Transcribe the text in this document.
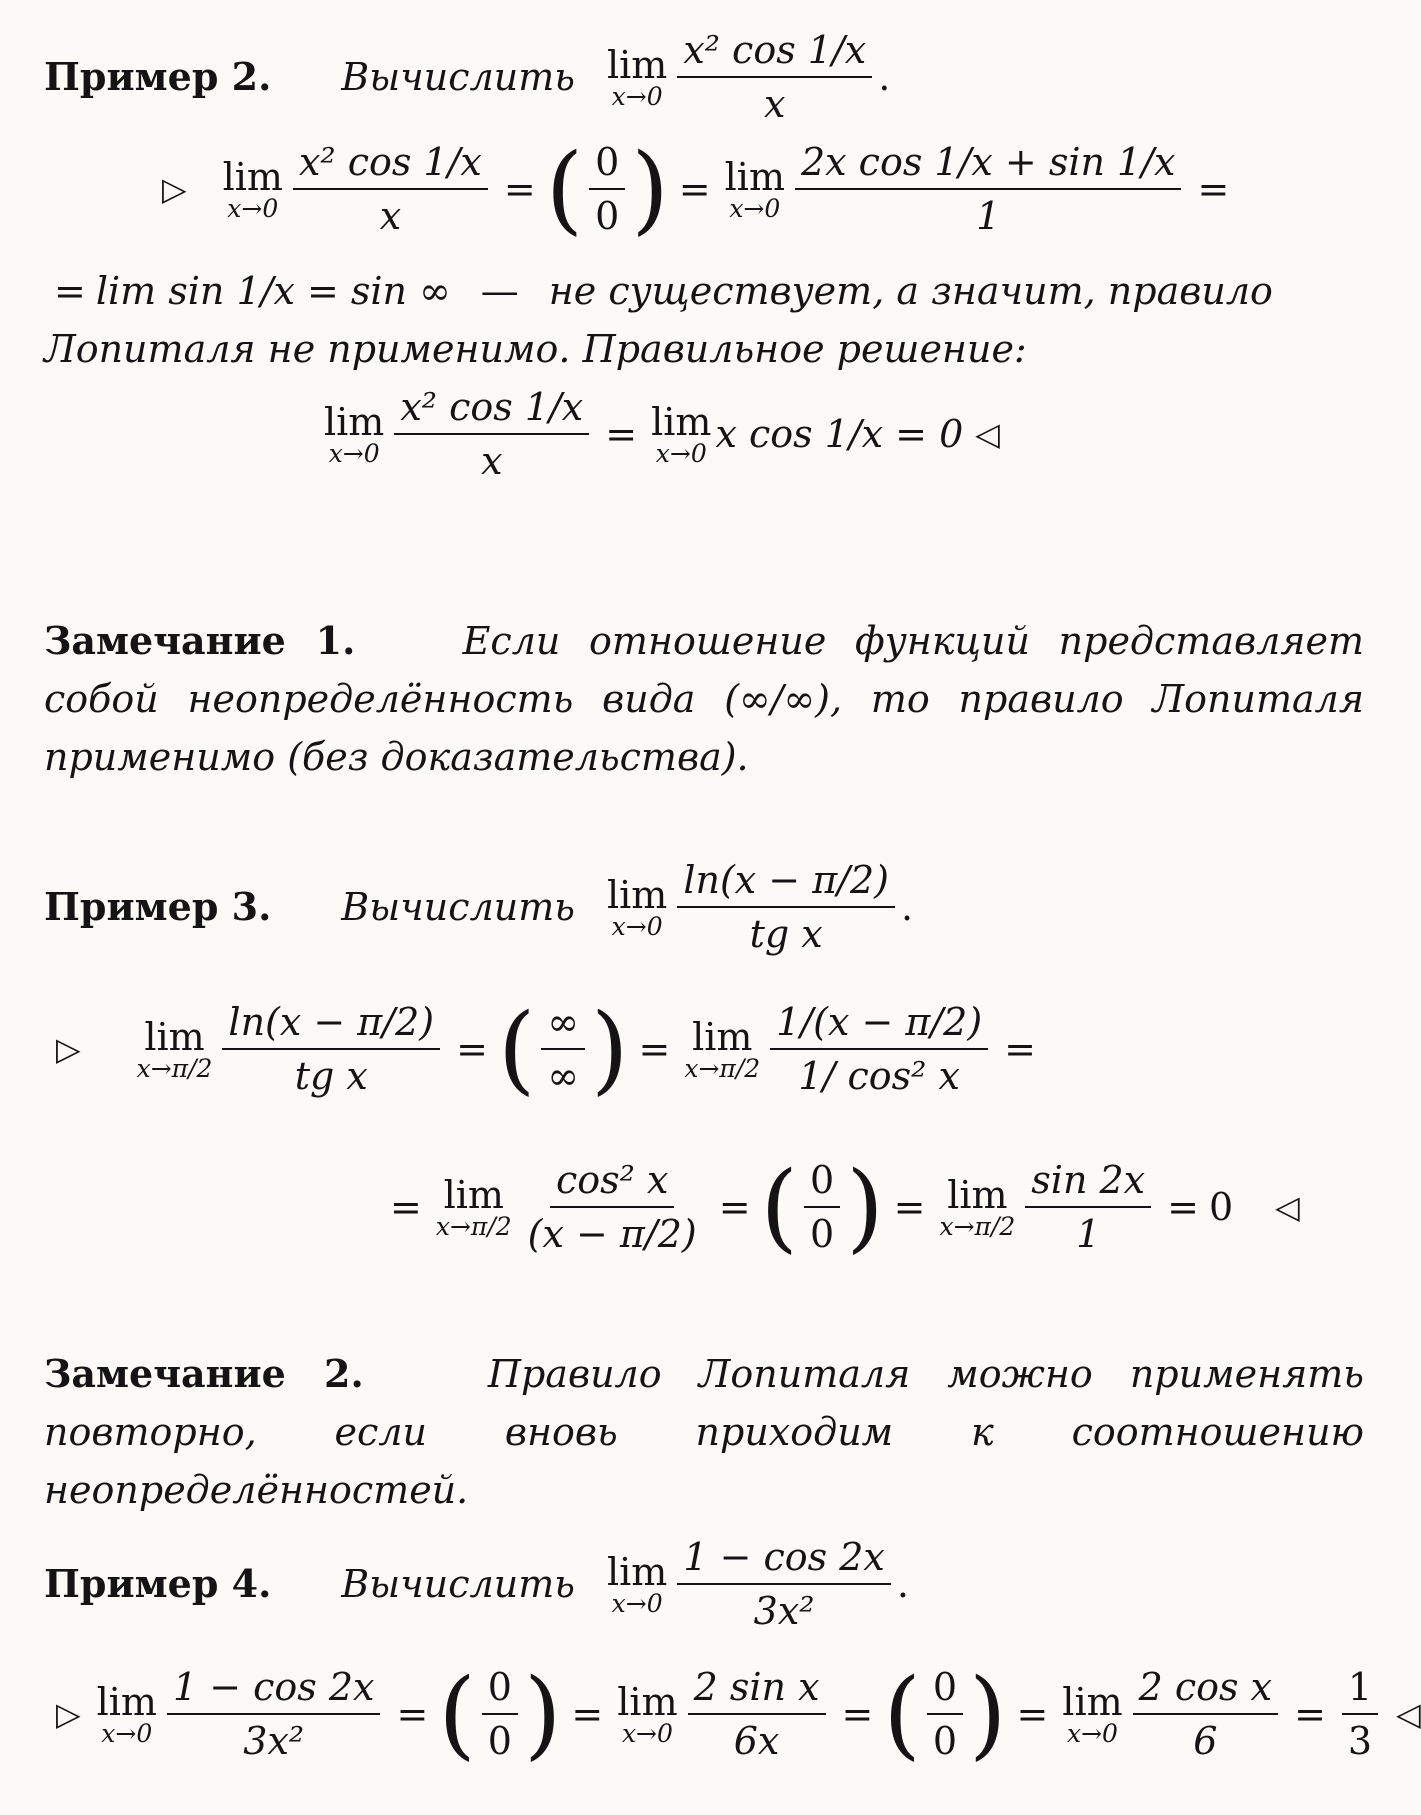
Пример 2. Вычислить lim
x→0
x² cos 1/x
x
.
▷ lim
$x\to 0 \frac{\text{x² cos 1/x}}{x}$ = ( 0
0 ) = lim
$x\to 0 \frac{\text{2x cos 1/x + sin 1/x}}{1}$ =
= lim sin 1/x = sin ∞ — не существует, а значит, правило
Лопиталя не применимо. Правильное решение:
lim
$x\to 0 \frac{\text{x² cos 1/x}}{x} = \lim$
x→0 x cos 1/x = 0 ◁
Замечание 1.	Если отношение функций представляет собой неопределённость вида (∞/∞), то правило Лопиталя применимо (без доказательства).
Пример 3. Вычислить lim
x→0
ln(x − π/2)
tg x
.
▷ lim
$x\to\pi/2 \frac{\ln(x - \pi/2)}{\text{tg x}}$ = ( ∞
∞ ) = lim
$x\to\pi/2 \frac{1/(x - \pi/2)}{\text{1/ cos² x}}$ =
= lim
$x\to\pi/2 \frac{\text{cos² x}}{(x - \pi/2)}$ = ( 0
0 ) = lim
$x\to\pi/2 \frac{\sin 2x}{1} = 0$ ◁
Замечание 2.	Правило Лопиталя можно применять повторно, если вновь приходим к соотношению неопределённостей.
Пример 4. Вычислить lim
x→0
1 − cos 2x
3x²
.
▷ lim
$x\to 0 \frac{1 - \cos 2x}{\text{3x²}}$ = ( 0
0 ) = lim
$x\to 0 \frac{\text{2 sin x}}{6x}$ = ( 0
0 ) = lim
$x\to 0 \frac{\text{2 cos x}}{6} = \frac{1}{3}$ ◁
